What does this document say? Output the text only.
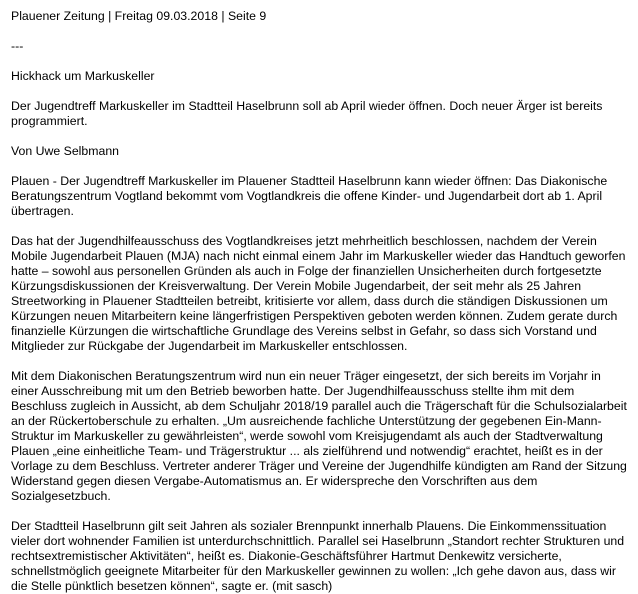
Plauener Zeitung | Freitag 09.03.2018 | Seite 9
---
Hickhack um Markuskeller
Der Jugendtreff Markuskeller im Stadtteil Haselbrunn soll ab April wieder öffnen. Doch neuer Ärger ist bereits programmiert.
Von Uwe Selbmann
Plauen - Der Jugendtreff Markuskeller im Plauener Stadtteil Haselbrunn kann wieder öffnen: Das Diakonische Beratungszentrum Vogtland bekommt vom Vogtlandkreis die offene Kinder- und Jugendarbeit dort ab 1. April übertragen.
Das hat der Jugendhilfeausschuss des Vogtlandkreises jetzt mehrheitlich beschlossen, nachdem der Verein Mobile Jugendarbeit Plauen (MJA) nach nicht einmal einem Jahr im Markuskeller wieder das Handtuch geworfen hatte – sowohl aus personellen Gründen als auch in Folge der finanziellen Unsicherheiten durch fortgesetzte Kürzungsdiskussionen der Kreisverwaltung. Der Verein Mobile Jugendarbeit, der seit mehr als 25 Jahren Streetworking in Plauener Stadtteilen betreibt, kritisierte vor allem, dass durch die ständigen Diskussionen um Kürzungen neuen Mitarbeitern keine längerfristigen Perspektiven geboten werden können. Zudem gerate durch finanzielle Kürzungen die wirtschaftliche Grundlage des Vereins selbst in Gefahr, so dass sich Vorstand und Mitglieder zur Rückgabe der Jugendarbeit im Markuskeller entschlossen.
Mit dem Diakonischen Beratungszentrum wird nun ein neuer Träger eingesetzt, der sich bereits im Vorjahr in einer Ausschreibung mit um den Betrieb beworben hatte. Der Jugendhilfeausschuss stellte ihm mit dem Beschluss zugleich in Aussicht, ab dem Schuljahr 2018/19 parallel auch die Trägerschaft für die Schulsozialarbeit an der Rückertoberschule zu erhalten. „Um ausreichende fachliche Unterstützung der gegebenen Ein-Mann-Struktur im Markuskeller zu gewährleisten“, werde sowohl vom Kreisjugendamt als auch der Stadtverwaltung Plauen „eine einheitliche Team- und Trägerstruktur ... als zielführend und notwendig“ erachtet, heißt es in der Vorlage zu dem Beschluss. Vertreter anderer Träger und Vereine der Jugendhilfe kündigten am Rand der Sitzung Widerstand gegen diesen Vergabe-Automatismus an. Er widerspreche den Vorschriften aus dem Sozialgesetzbuch.
Der Stadtteil Haselbrunn gilt seit Jahren als sozialer Brennpunkt innerhalb Plauens. Die Einkommenssituation vieler dort wohnender Familien ist unterdurchschnittlich. Parallel sei Haselbrunn „Standort rechter Strukturen und rechtsextremistischer Aktivitäten“, heißt es. Diakonie-Geschäftsführer Hartmut Denkewitz versicherte, schnellstmöglich geeignete Mitarbeiter für den Markuskeller gewinnen zu wollen: „Ich gehe davon aus, dass wir die Stelle pünktlich besetzen können“, sagte er. (mit sasch)
